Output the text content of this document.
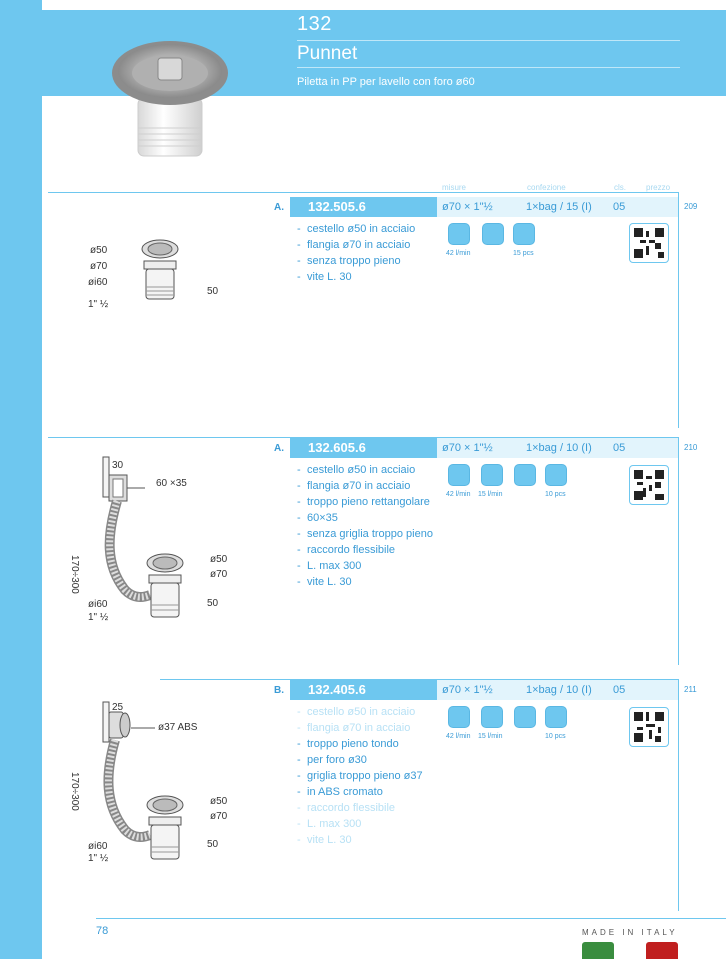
132
Punnet
Piletta in PP per lavello con foro ø60
misure	confezione	cls.	prezzo
A.	132.505.6	ø70 × 1"½	1×bag / 15 (I) 05	209
- cestello ø50 in acciaio
- flangia ø70 in acciaio
- senza troppo pieno
- vite L. 30
42 l/min	15 pcs
ø50
ø70
øi60
1" ½
50
A.	132.605.6	ø70 × 1"½	1×bag / 10 (I) 05	210
- cestello ø50 in acciaio
- flangia ø70 in acciaio
- troppo pieno rettangolare
- 60×35
- senza griglia troppo pieno
- raccordo flessibile
- L. max 300
- vite L. 30
42 l/min 15 l/min	10 pcs
30
60 ×35
170÷300	ø50
ø70
øi60
1" ½
50
B.	132.405.6	ø70 × 1"½	1×bag / 10 (I) 05	211
- cestello ø50 in acciaio
- flangia ø70 in acciaio
- troppo pieno tondo
- per foro ø30
- griglia troppo pieno ø37
- in ABS cromato
- raccordo flessibile
- L. max 300
- vite L. 30
42 l/min 15 l/min	10 pcs
25
ø37 ABS
170÷300	ø50
ø70
øi60
1" ½
50
78	MADE IN ITALY
